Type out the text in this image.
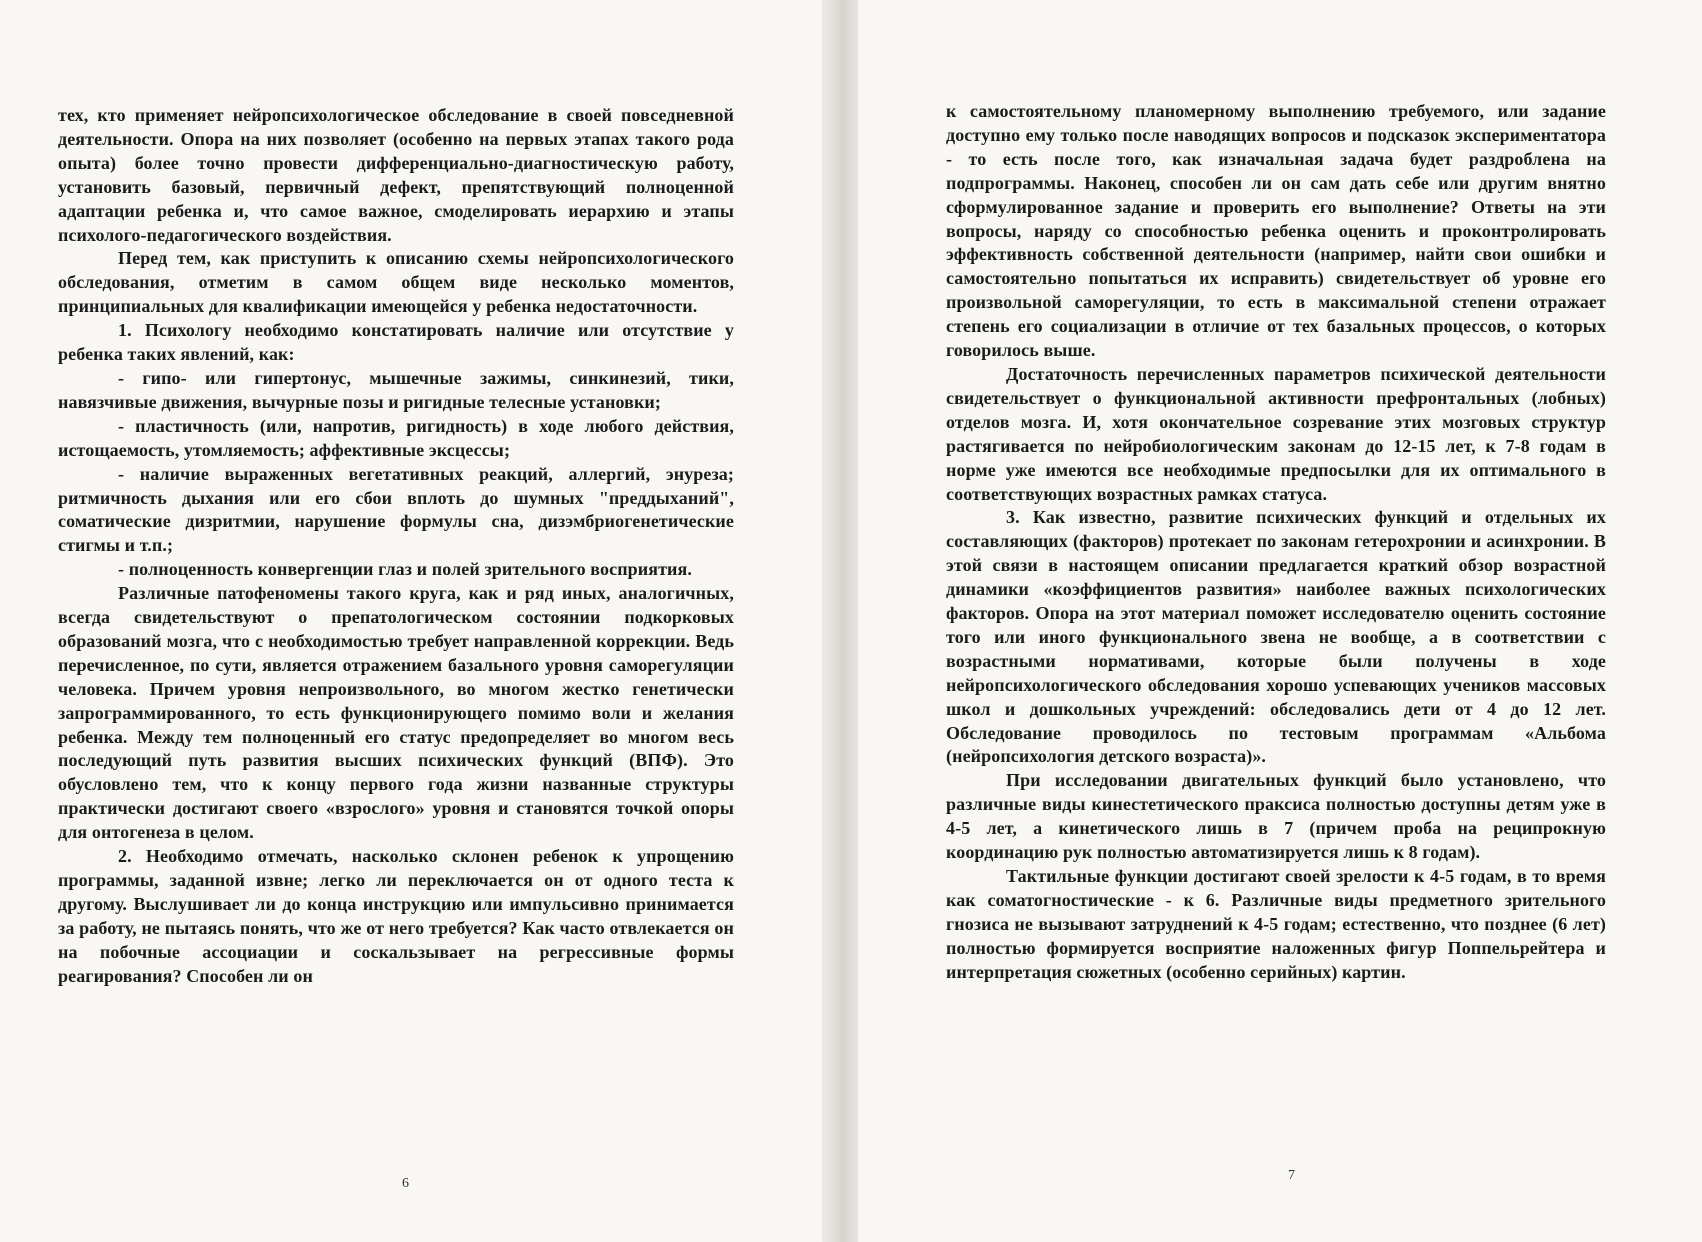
тех, кто применяет нейропсихологическое обследование в своей повседневной деятельности. Опора на них позволяет (особенно на первых этапах такого рода опыта) более точно провести дифференциально-диагностическую работу, установить базовый, первичный дефект, препятствующий полноценной адаптации ребенка и, что самое важное, смоделировать иерархию и этапы психолого-педагогического воздействия.

Перед тем, как приступить к описанию схемы нейропсихологического обследования, отметим в самом общем виде несколько моментов, принципиальных для квалификации имеющейся у ребенка недостаточности.

1. Психологу необходимо констатировать наличие или отсутствие у ребенка таких явлений, как:

- гипо- или гипертонус, мышечные зажимы, синкинезий, тики, навязчивые движения, вычурные позы и ригидные телесные установки;

- пластичность (или, напротив, ригидность) в ходе любого действия, истощаемость, утомляемость; аффективные эксцессы;

- наличие выраженных вегетативных реакций, аллергий, энуреза; ритмичность дыхания или его сбои вплоть до шумных "преддыханий", соматические дизритмии, нарушение формулы сна, дизэмбриогенетические стигмы и т.п.;

- полноценность конвергенции глаз и полей зрительного восприятия.

Различные патофеномены такого круга, как и ряд иных, аналогичных, всегда свидетельствуют о препатологическом состоянии подкорковых образований мозга, что с необходимостью требует направленной коррекции. Ведь перечисленное, по сути, является отражением базального уровня саморегуляции человека. Причем уровня непроизвольного, во многом жестко генетически запрограммированного, то есть функционирующего помимо воли и желания ребенка. Между тем полноценный его статус предопределяет во многом весь последующий путь развития высших психических функций (ВПФ). Это обусловлено тем, что к концу первого года жизни названные структуры практически достигают своего «взрослого» уровня и становятся точкой опоры для онтогенеза в целом.

2. Необходимо отмечать, насколько склонен ребенок к упрощению программы, заданной извне; легко ли переключается он от одного теста к другому. Выслушивает ли до конца инструкцию или импульсивно принимается за работу, не пытаясь понять, что же от него требуется? Как часто отвлекается он на побочные ассоциации и соскальзывает на регрессивные формы реагирования? Способен ли он

6

к самостоятельному планомерному выполнению требуемого, или задание доступно ему только после наводящих вопросов и подсказок экспериментатора - то есть после того, как изначальная задача будет раздроблена на подпрограммы. Наконец, способен ли он сам дать себе или другим внятно сформулированное задание и проверить его выполнение? Ответы на эти вопросы, наряду со способностью ребенка оценить и проконтролировать эффективность собственной деятельности (например, найти свои ошибки и самостоятельно попытаться их исправить) свидетельствует об уровне его произвольной саморегуляции, то есть в максимальной степени отражает степень его социализации в отличие от тех базальных процессов, о которых говорилось выше.

Достаточность перечисленных параметров психической деятельности свидетельствует о функциональной активности префронтальных (лобных) отделов мозга. И, хотя окончательное созревание этих мозговых структур растягивается по нейробиологическим законам до 12-15 лет, к 7-8 годам в норме уже имеются все необходимые предпосылки для их оптимального в соответствующих возрастных рамках статуса.

3. Как известно, развитие психических функций и отдельных их составляющих (факторов) протекает по законам гетерохронии и асинхронии. В этой связи в настоящем описании предлагается краткий обзор возрастной динамики «коэффициентов развития» наиболее важных психологических факторов. Опора на этот материал поможет исследователю оценить состояние того или иного функционального звена не вообще, а в соответствии с возрастными нормативами, которые были получены в ходе нейропсихологического обследования хорошо успевающих учеников массовых школ и дошкольных учреждений: обследовались дети от 4 до 12 лет. Обследование проводилось по тестовым программам «Альбома (нейропсихология детского возраста)».

При исследовании двигательных функций было установлено, что различные виды кинестетического праксиса полностью доступны детям уже в 4-5 лет, а кинетического лишь в 7 (причем проба на реципрокную координацию рук полностью автоматизируется лишь к 8 годам).

Тактильные функции достигают своей зрелости к 4-5 годам, в то время как соматогностические - к 6. Различные виды предметного зрительного гнозиса не вызывают затруднений к 4-5 годам; естественно, что позднее (6 лет) полностью формируется восприятие наложенных фигур Поппельрейтера и интерпретация сюжетных (особенно серийных) картин.

7
